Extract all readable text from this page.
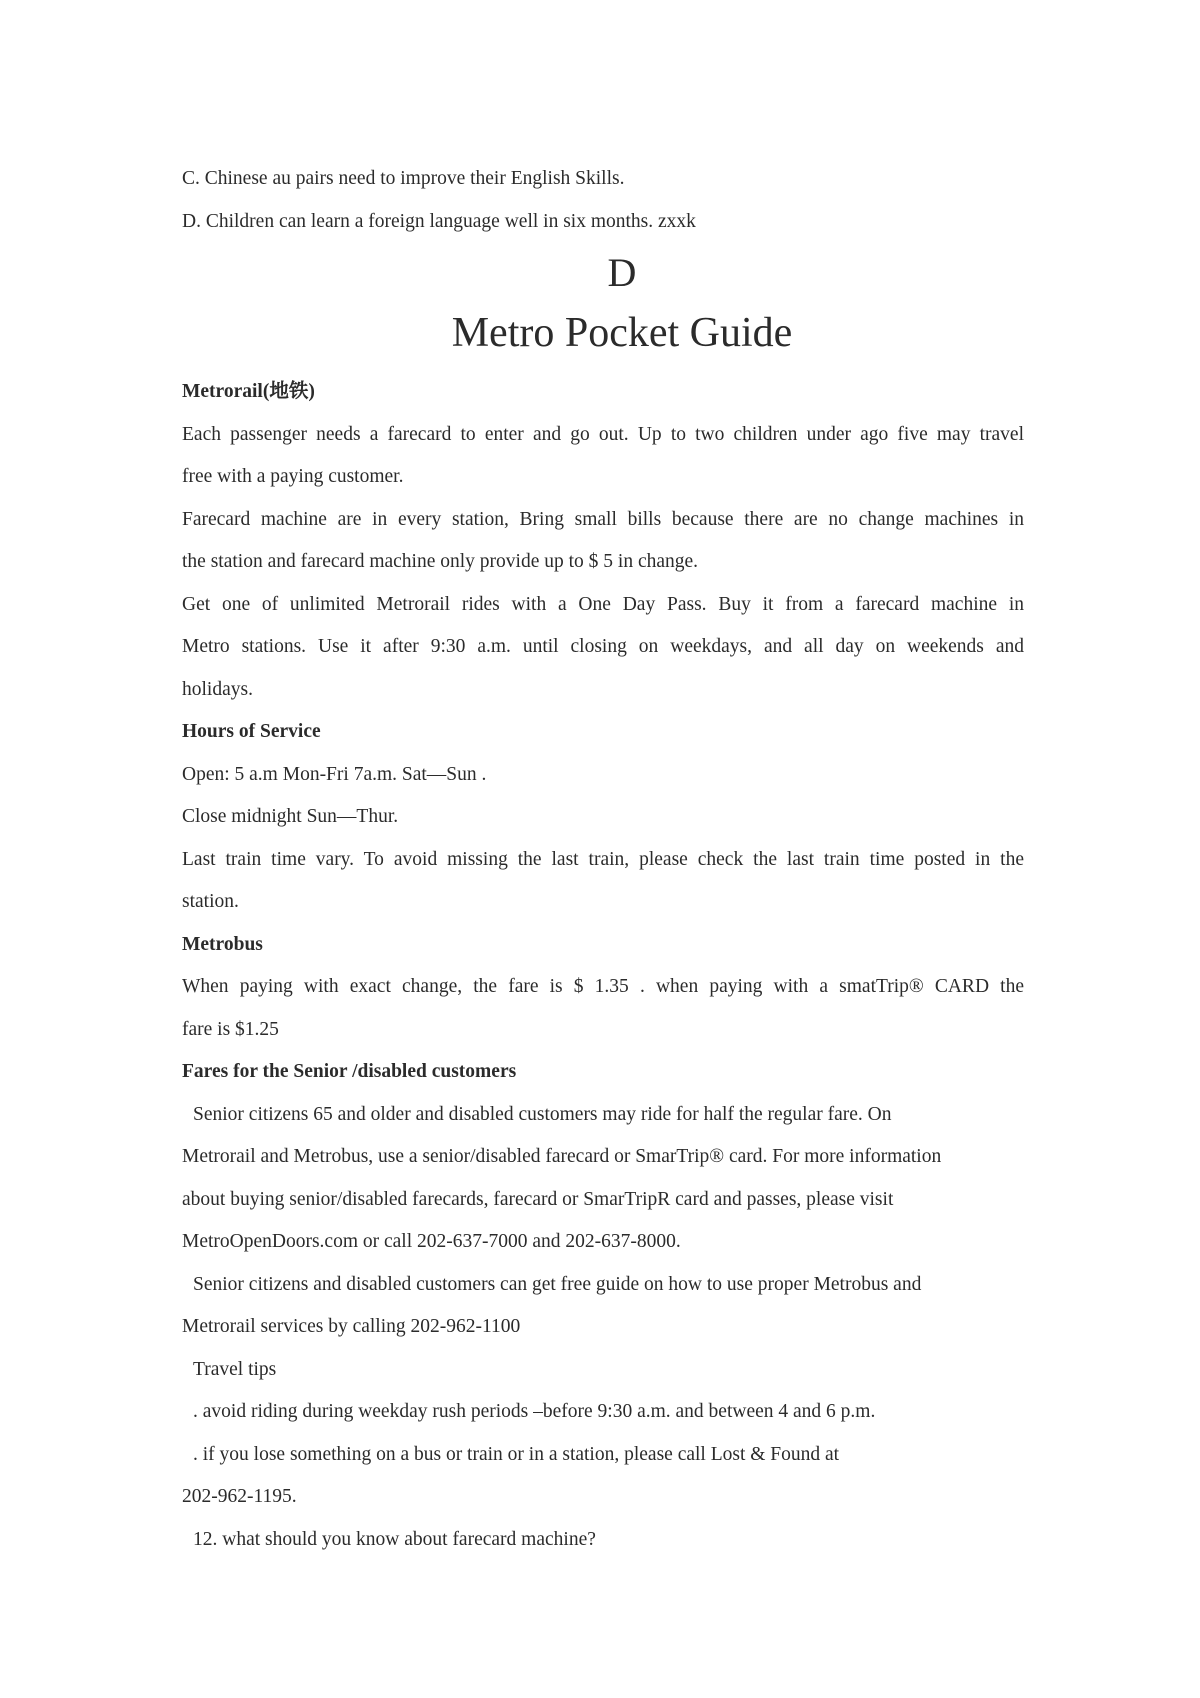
C. Chinese au pairs need to improve their English Skills.
D. Children can learn a foreign language well in six months. zxxk
D
Metro Pocket Guide
Metrorail(地铁)
Each passenger needs a farecard to enter and go out. Up to two children under ago five may travel
free with a paying customer.
Farecard machine are in every station, Bring small bills because there are no change machines in
the station and farecard machine only provide up to $ 5 in change.
Get one of unlimited Metrorail rides with a One Day Pass. Buy it from a farecard machine in
Metro stations. Use it after 9:30 a.m. until closing on weekdays, and all day on weekends and
holidays.
Hours of Service
Open: 5 a.m Mon-Fri 7a.m. Sat—Sun .
Close midnight Sun—Thur.
Last train time vary. To avoid missing the last train, please check the last train time posted in the
station.
Metrobus
When paying with exact change, the fare is $ 1.35 . when paying with a smatTrip® CARD the
fare is $1.25
Fares for the Senior /disabled customers
Senior citizens 65 and older and disabled customers may ride for half the regular fare. On
Metrorail and Metrobus, use a senior/disabled farecard or SmarTrip® card. For more information
about buying senior/disabled farecards, farecard or SmarTripR card and passes, please visit
MetroOpenDoors.com or call 202-637-7000 and 202-637-8000.
Senior citizens and disabled customers can get free guide on how to use proper Metrobus and
Metrorail services by calling 202-962-1100
Travel tips
. avoid riding during weekday rush periods –before 9:30 a.m. and between 4 and 6 p.m.
. if you lose something on a bus or train or in a station, please call Lost & Found at
202-962-1195.
12. what should you know about farecard machine?
